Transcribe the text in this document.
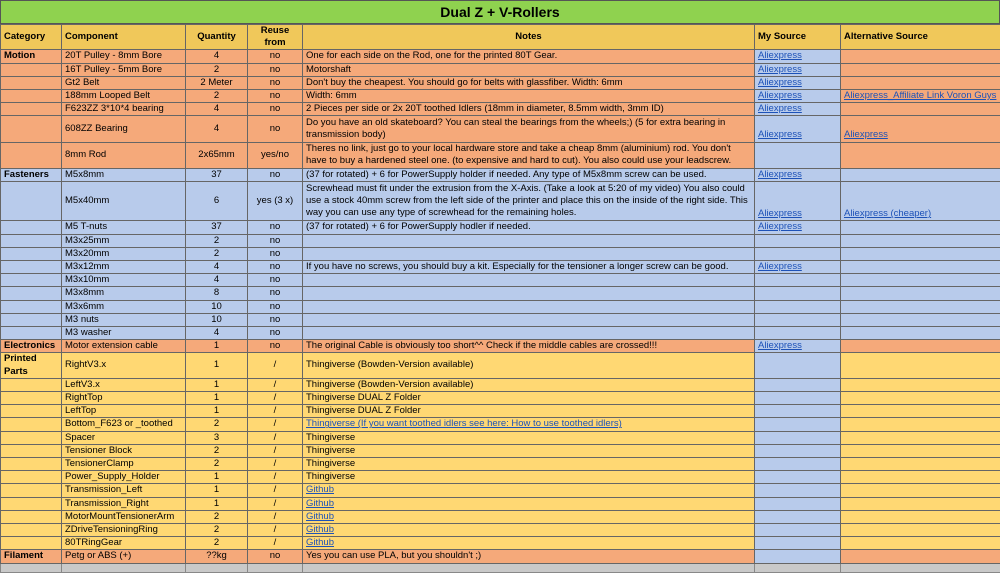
Dual Z + V-Rollers
Category	Component	Quantity	Reuse from	Notes	My Source	Alternative Source
Motion	20T Pulley - 8mm Bore	4	no	One for each side on the Rod, one for the printed 80T Gear.	Aliexpress	
	16T Pulley - 5mm Bore	2	no	Motorshaft	Aliexpress	
	Gt2 Belt	2 Meter	no	Don't buy the cheapest. You should go for belts with glassfiber. Width: 6mm	Aliexpress	
	188mm Looped Belt	2	no	Width: 6mm	Aliexpress	Aliexpress_Affiliate Link Voron Guys
	F623ZZ 3*10*4 bearing	4	no	2 Pieces per side or 2x 20T toothed Idlers (18mm in diameter, 8.5mm width, 3mm ID)	Aliexpress	
	608ZZ Bearing	4	no	Do you have an old skateboard? You can steal the bearings from the wheels;) (5 for extra bearing in transmission body)	Aliexpress	Aliexpress
	8mm Rod	2x65mm	yes/no	Theres no link, just go to your local hardware store and take a cheap 8mm (aluminium) rod. You don't have to buy a hardened steel one. (to expensive and hard to cut). You also could use your leadscrew.		
Fasteners	M5x8mm	37	no	(37 for rotated) + 6 for PowerSupply holder if needed. Any type of M5x8mm screw can be used.	Aliexpress	
	M5x40mm	6	yes (3 x)	Screwhead must fit under the extrusion from the X-Axis. (Take a look at 5:20 of my video) You also could use a stock 40mm screw from the left side of the printer and place this on the inside of the right side. This way you can use any type of screwhead for the remaining holes.	Aliexpress	Aliexpress (cheaper)
	M5 T-nuts	37	no	(37 for rotated) + 6 for PowerSupply hodler if needed.	Aliexpress	
	M3x25mm	2	no			
	M3x20mm	2	no			
	M3x12mm	4	no	If you have no screws, you should buy a kit. Especially for the tensioner a longer screw can be good.	Aliexpress	
	M3x10mm	4	no			
	M3x8mm	8	no			
	M3x6mm	10	no			
	M3 nuts	10	no			
	M3 washer	4	no			
Electronics	Motor extension cable	1	no	The original Cable is obviously too short^^ Check if the middle cables are crossed!!!	Aliexpress	
Printed Parts	RightV3.x	1	/	Thingiverse (Bowden-Version available)		
	LeftV3.x	1	/	Thingiverse (Bowden-Version available)		
	RightTop	1	/	Thingiverse DUAL Z Folder		
	LeftTop	1	/	Thingiverse DUAL Z Folder		
	Bottom_F623 or _toothed	2	/	Thingiverse (If you want toothed idlers see here: How to use toothed idlers)		
	Spacer	3	/	Thingiverse		
	Tensioner Block	2	/	Thingiverse		
	TensionerClamp	2	/	Thingiverse		
	Power_Supply_Holder	1	/	Thingiverse		
	Transmission_Left	1	/	Github		
	Transmission_Right	1	/	Github		
	MotorMountTensionerArm	2	/	Github		
	ZDriveTensioningRing	2	/	Github		
	80TRingGear	2	/	Github		
Filament	Petg or ABS (+)	??kg	no	Yes you can use PLA, but you shouldn't ;)		
